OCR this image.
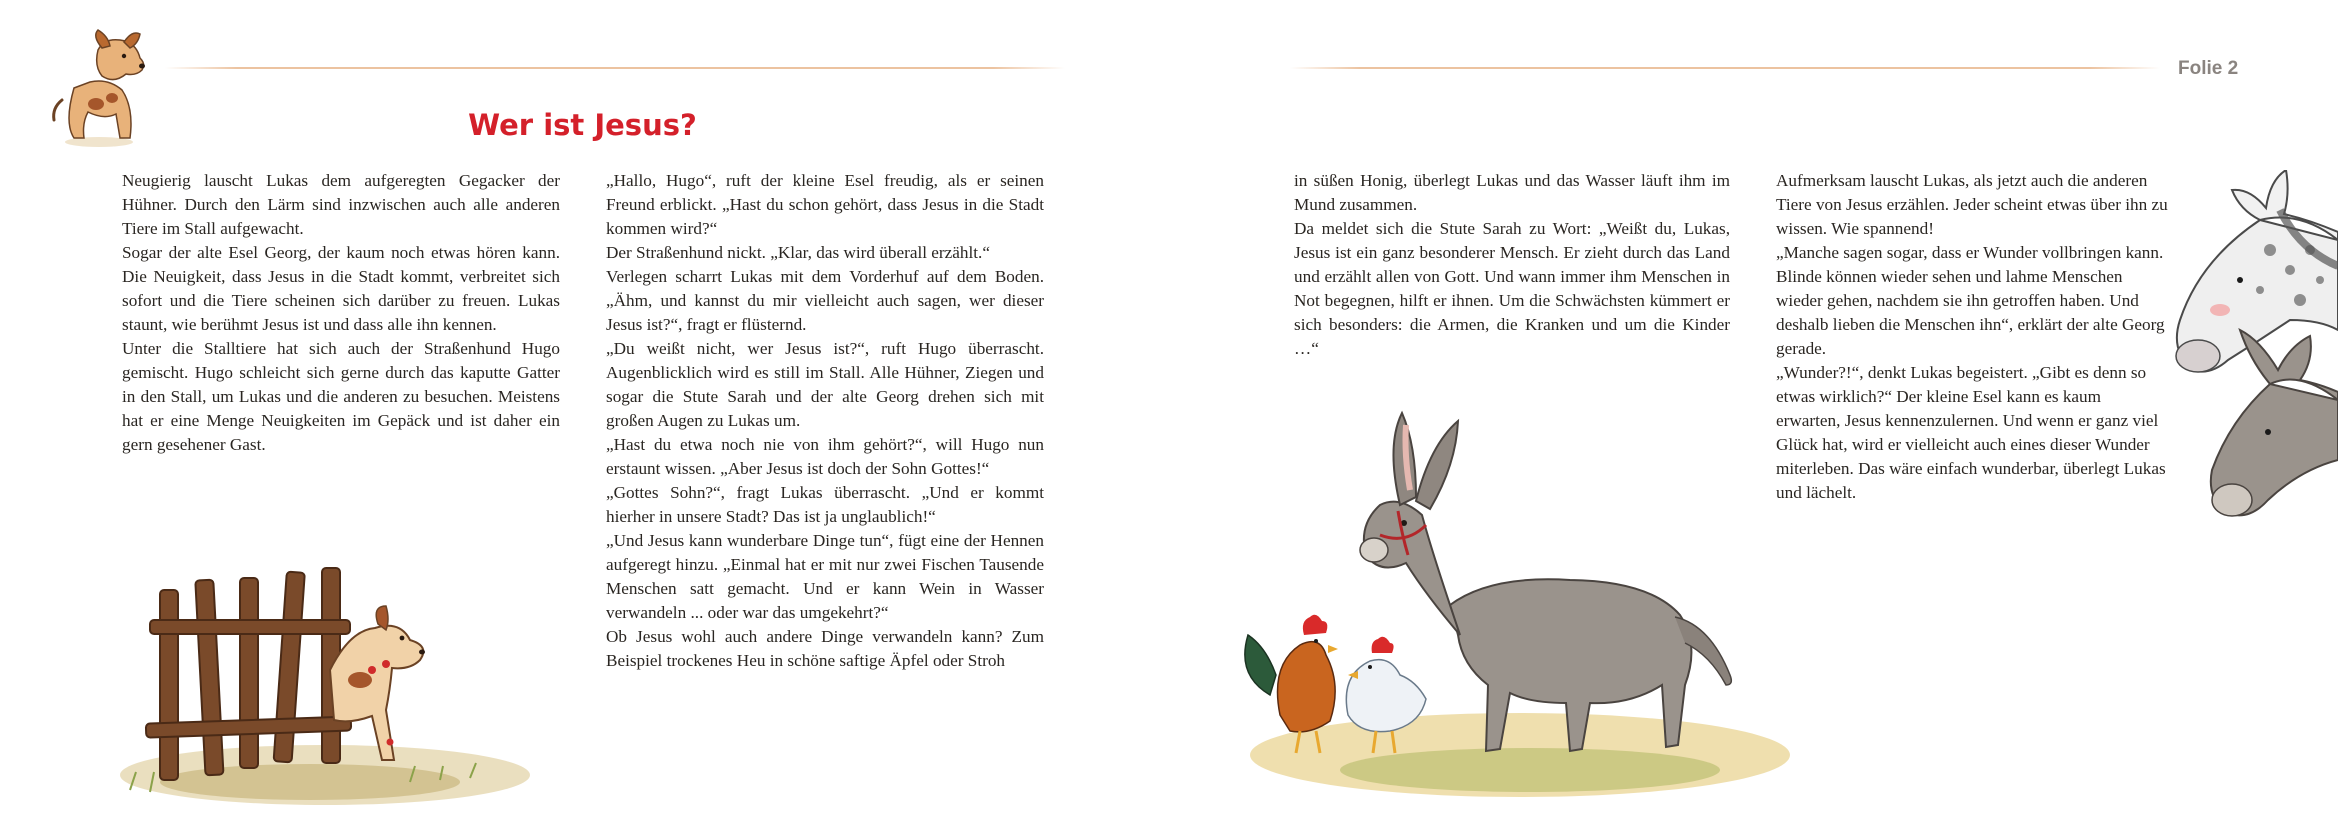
Folie 2
Wer ist Jesus?

Neugierig lauscht Lukas dem aufgeregten Gegacker der Hühner. Durch den Lärm sind inzwischen auch alle anderen Tiere im Stall aufgewacht.

Sogar der alte Esel Georg, der kaum noch etwas hören kann. Die Neuigkeit, dass Jesus in die Stadt kommt, verbreitet sich sofort und die Tiere scheinen sich darüber zu freuen. Lukas staunt, wie berühmt Jesus ist und dass alle ihn kennen.

Unter die Stalltiere hat sich auch der Straßenhund Hugo gemischt. Hugo schleicht sich gerne durch das kaputte Gatter in den Stall, um Lukas und die anderen zu besuchen. Meistens hat er eine Menge Neuigkeiten im Gepäck und ist daher ein gern gesehener Gast.

„Hallo, Hugo“, ruft der kleine Esel freudig, als er seinen Freund erblickt. „Hast du schon gehört, dass Jesus in die Stadt kommen wird?“

Der Straßenhund nickt. „Klar, das wird überall erzählt.“

Verlegen scharrt Lukas mit dem Vorderhuf auf dem Boden. „Ähm, und kannst du mir vielleicht auch sagen, wer dieser Jesus ist?“, fragt er flüsternd.

„Du weißt nicht, wer Jesus ist?“, ruft Hugo überrascht. Augenblicklich wird es still im Stall. Alle Hühner, Ziegen und sogar die Stute Sarah und der alte Georg drehen sich mit großen Augen zu Lukas um.

„Hast du etwa noch nie von ihm gehört?“, will Hugo nun erstaunt wissen. „Aber Jesus ist doch der Sohn Gottes!“

„Gottes Sohn?“, fragt Lukas überrascht. „Und er kommt hierher in unsere Stadt? Das ist ja unglaublich!“

„Und Jesus kann wunderbare Dinge tun“, fügt eine der Hennen aufgeregt hinzu. „Einmal hat er mit nur zwei Fischen Tausende Menschen satt gemacht. Und er kann Wein in Wasser verwandeln ... oder war das umgekehrt?“

Ob Jesus wohl auch andere Dinge verwandeln kann? Zum Beispiel trockenes Heu in schöne saftige Äpfel oder Stroh

in süßen Honig, überlegt Lukas und das Wasser läuft ihm im Mund zusammen.

Da meldet sich die Stute Sarah zu Wort: „Weißt du, Lukas, Jesus ist ein ganz besonderer Mensch. Er zieht durch das Land und erzählt allen von Gott. Und wann immer ihm Menschen in Not begegnen, hilft er ihnen. Um die Schwächsten kümmert er sich besonders: die Armen, die Kranken und um die Kinder …“

Aufmerksam lauscht Lukas, als jetzt auch die anderen Tiere von Jesus erzählen. Jeder scheint etwas über ihn zu wissen. Wie spannend!

„Manche sagen sogar, dass er Wunder vollbringen kann. Blinde können wieder sehen und lahme Menschen wieder gehen, nachdem sie ihn getroffen haben. Und deshalb lieben die Menschen ihn“, erklärt der alte Georg gerade.

„Wunder?!“, denkt Lukas begeistert. „Gibt es denn so etwas wirklich?“ Der kleine Esel kann es kaum erwarten, Jesus kennenzulernen. Und wenn er ganz viel Glück hat, wird er vielleicht auch eines dieser Wunder miterleben. Das wäre einfach wunderbar, überlegt Lukas und lächelt.
